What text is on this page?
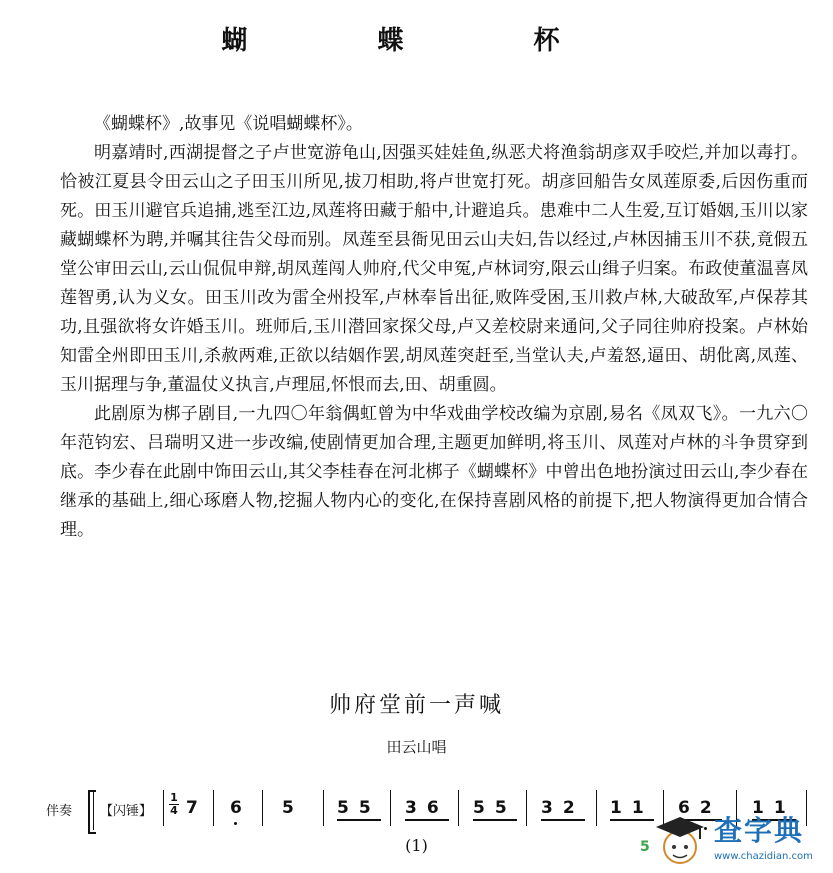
蝴　蝶　杯

《蝴蝶杯》,故事见《说唱蝴蝶杯》。

明嘉靖时,西湖提督之子卢世宽游龟山,因强买娃娃鱼,纵恶犬将渔翁胡彦双手咬烂,并加以毒打。恰被江夏县令田云山之子田玉川所见,拔刀相助,将卢世宽打死。胡彦回船告女凤莲原委,后因伤重而死。田玉川避官兵追捕,逃至江边,凤莲将田藏于船中,计避追兵。患难中二人生爱,互订婚姻,玉川以家藏蝴蝶杯为聘,并嘱其往告父母而别。凤莲至县衙见田云山夫妇,告以经过,卢林因捕玉川不获,竟假五堂公审田云山,云山侃侃申辩,胡凤莲闯人帅府,代父申冤,卢林词穷,限云山缉子归案。布政使董温喜凤莲智勇,认为义女。田玉川改为雷全州投军,卢林奉旨出征,败阵受困,玉川救卢林,大破敌军,卢保荐其功,且强欲将女许婚玉川。班师后,玉川潜回家探父母,卢又差校尉来通问,父子同往帅府投案。卢林始知雷全州即田玉川,杀赦两难,正欲以结姻作罢,胡凤莲突赶至,当堂认夫,卢羞怒,逼田、胡仳离,凤莲、玉川据理与争,董温仗义执言,卢理屈,怀恨而去,田、胡重圆。

此剧原为梆子剧目,一九四〇年翁偶虹曾为中华戏曲学校改编为京剧,易名《凤双飞》。一九六〇年范钧宏、吕瑞明又进一步改编,使剧情更加合理,主题更加鲜明,将玉川、凤莲对卢林的斗争贯穿到底。李少春在此剧中饰田云山,其父李桂春在河北梆子《蝴蝶杯》中曾出色地扮演过田云山,李少春在继承的基础上,细心琢磨人物,挖掘人物内心的变化,在保持喜剧风格的前提下,把人物演得更加合情合理。

帅府堂前一声喊
田云山唱
伴奏 【闪锤】
1
4 7 6 5 55 36 55 32 11 62 11
(1)	5 查字典
www.chazidian.com
